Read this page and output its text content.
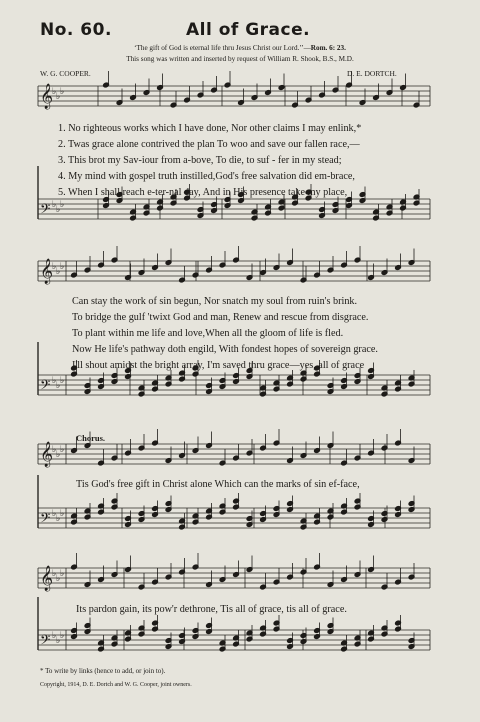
No. 60.	All of Grace.
‘The gift of God is eternal life thru Jesus Christ our Lord.’’—Rom. 6: 23.
This song was written and inserted by request of William R. Shook, B.S., M.D.
W. G. COOPER.	D. E. DORTCH.
𝄞
♭ ♭ ♭
𝄢 ♭ ♭ ♭
𝄞
♭ ♭ ♭
𝄢 ♭ ♭ ♭
𝄞
♭ ♭ ♭
𝄢 ♭ ♭ ♭
𝄞
♭ ♭ ♭
𝄢 ♭ ♭ ♭
1. No righteous works which I have done, Nor other claims I may enlink,*
2. Twas grace alone contrived the plan To woo and save our fallen race,—
3. This brot my Sav-iour from a-bove, To die, to suf - fer in my stead;
4. My mind with gospel truth instilled,God's free salvation did em-brace,
5. When I shall reach e-ter-nal day, And in His presence take my place,
Can stay the work of sin begun, Nor snatch my soul from ruin's brink.
To bridge the gulf 'twixt God and man, Renew and rescue from disgrace.
To plant within me life and love,When all the gloom of life is fled.
Now He life's pathway doth engild, With fondest hopes of sovereign grace.
I'll shout amidst the bright array, I'm saved thru grace—yes, all of grace
Chorus.
Tis God's free gift in Christ alone Which can the marks of sin ef-face,
Its pardon gain, its pow'r dethrone, Tis all of grace, tis all of grace.
* To write by links (hence to add, or join to).
Copyright, 1914, D. E. Dortch and W. G. Cooper, joint owners.
